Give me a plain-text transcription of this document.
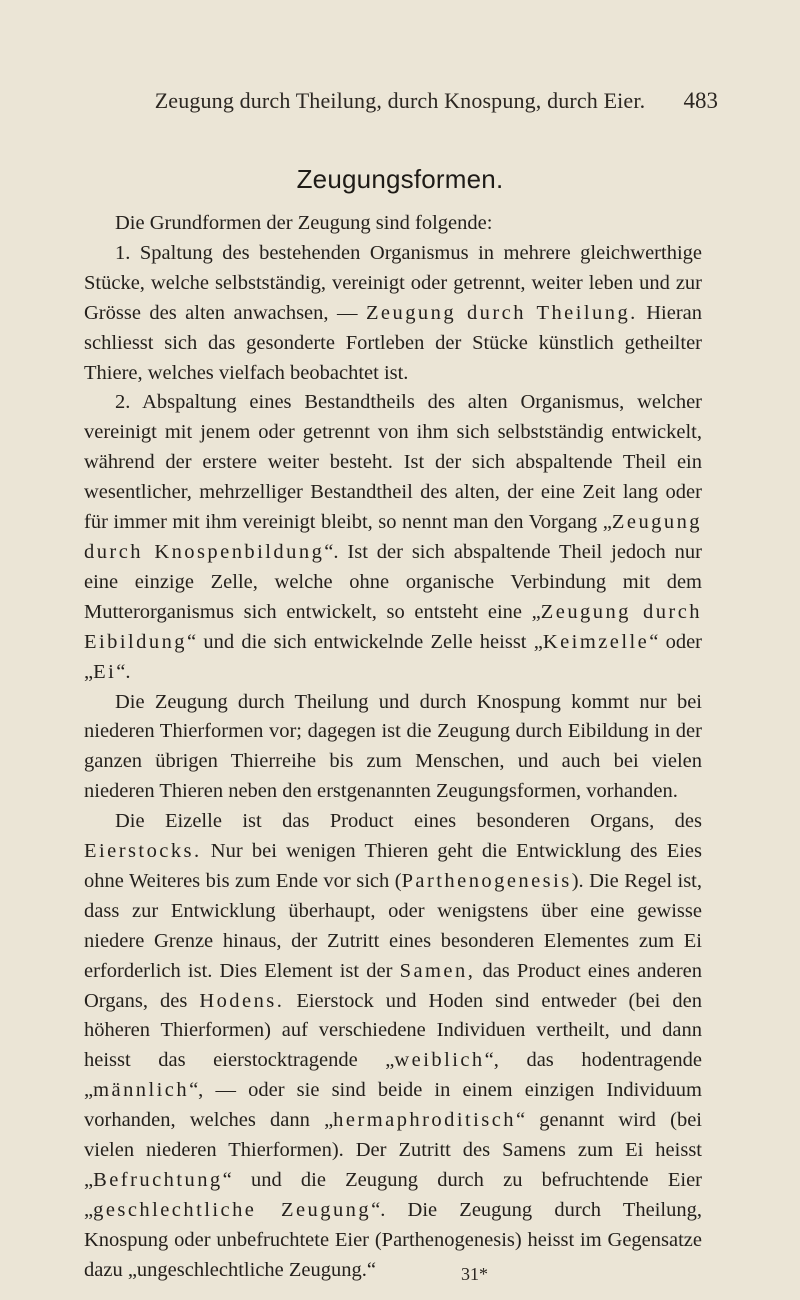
Zeugung durch Theilung, durch Knospung, durch Eier.	483
Zeugungsformen.

Die Grundformen der Zeugung sind folgende:

1. Spaltung des bestehenden Organismus in mehrere gleichwerthige Stücke, welche selbstständig, vereinigt oder getrennt, weiter leben und zur Grösse des alten anwachsen, — Zeugung durch Theilung. Hieran schliesst sich das gesonderte Fortleben der Stücke künstlich getheilter Thiere, welches vielfach beobachtet ist.

2. Abspaltung eines Bestandtheils des alten Organismus, welcher vereinigt mit jenem oder getrennt von ihm sich selbstständig entwickelt, während der erstere weiter besteht. Ist der sich abspaltende Theil ein wesentlicher, mehrzelliger Bestandtheil des alten, der eine Zeit lang oder für immer mit ihm vereinigt bleibt, so nennt man den Vorgang „Zeugung durch Knospenbildung“. Ist der sich abspaltende Theil jedoch nur eine einzige Zelle, welche ohne organische Verbindung mit dem Mutterorganismus sich entwickelt, so entsteht eine „Zeugung durch Eibildung“ und die sich entwickelnde Zelle heisst „Keimzelle“ oder „Ei“.

Die Zeugung durch Theilung und durch Knospung kommt nur bei niederen Thierformen vor; dagegen ist die Zeugung durch Eibildung in der ganzen übrigen Thierreihe bis zum Menschen, und auch bei vielen niederen Thieren neben den erstgenannten Zeugungsformen, vorhanden.

Die Eizelle ist das Product eines besonderen Organs, des Eierstocks. Nur bei wenigen Thieren geht die Entwicklung des Eies ohne Weiteres bis zum Ende vor sich (Parthenogenesis). Die Regel ist, dass zur Entwicklung überhaupt, oder wenigstens über eine gewisse niedere Grenze hinaus, der Zutritt eines besonderen Elementes zum Ei erforderlich ist. Dies Element ist der Samen, das Product eines anderen Organs, des Hodens. Eierstock und Hoden sind entweder (bei den höheren Thierformen) auf verschiedene Individuen vertheilt, und dann heisst das eierstocktragende „weiblich“, das hodentragende „männlich“, — oder sie sind beide in einem einzigen Individuum vorhanden, welches dann „hermaphroditisch“ genannt wird (bei vielen niederen Thierformen). Der Zutritt des Samens zum Ei heisst „Befruchtung“ und die Zeugung durch zu befruchtende Eier „geschlechtliche Zeugung“. Die Zeugung durch Theilung, Knospung oder unbefruchtete Eier (Parthenogenesis) heisst im Gegensatze dazu „ungeschlechtliche Zeugung.“	31*
